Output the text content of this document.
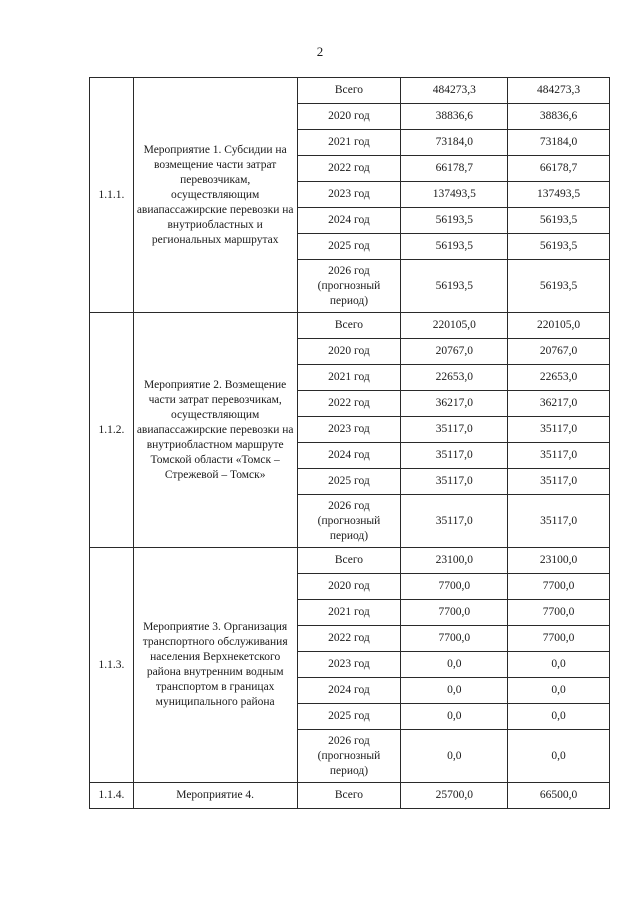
2
1.1.1.	Мероприятие 1. Субсидии на возмещение части затрат перевозчикам, осуществляющим авиапассажирские перевозки на внутриобластных и региональных маршрутах	Всего	484273,3	484273,3
		2020 год	38836,6	38836,6
		2021 год	73184,0	73184,0
		2022 год	66178,7	66178,7
		2023 год	137493,5	137493,5
		2024 год	56193,5	56193,5
		2025 год	56193,5	56193,5
		2026 год (прогнозный период)	56193,5	56193,5
1.1.2.	Мероприятие 2. Возмещение части затрат перевозчикам, осуществляющим авиапассажирские перевозки на внутриобластном маршруте Томской области «Томск – Стрежевой – Томск»	Всего	220105,0	220105,0
		2020 год	20767,0	20767,0
		2021 год	22653,0	22653,0
		2022 год	36217,0	36217,0
		2023 год	35117,0	35117,0
		2024 год	35117,0	35117,0
		2025 год	35117,0	35117,0
		2026 год (прогнозный период)	35117,0	35117,0
1.1.3.	Мероприятие 3. Организация транспортного обслуживания населения Верхнекетского района внутренним водным транспортом в границах муниципального района	Всего	23100,0	23100,0
		2020 год	7700,0	7700,0
		2021 год	7700,0	7700,0
		2022 год	7700,0	7700,0
		2023 год	0,0	0,0
		2024 год	0,0	0,0
		2025 год	0,0	0,0
		2026 год (прогнозный период)	0,0	0,0
1.1.4.	Мероприятие 4.	Всего	25700,0	66500,0
